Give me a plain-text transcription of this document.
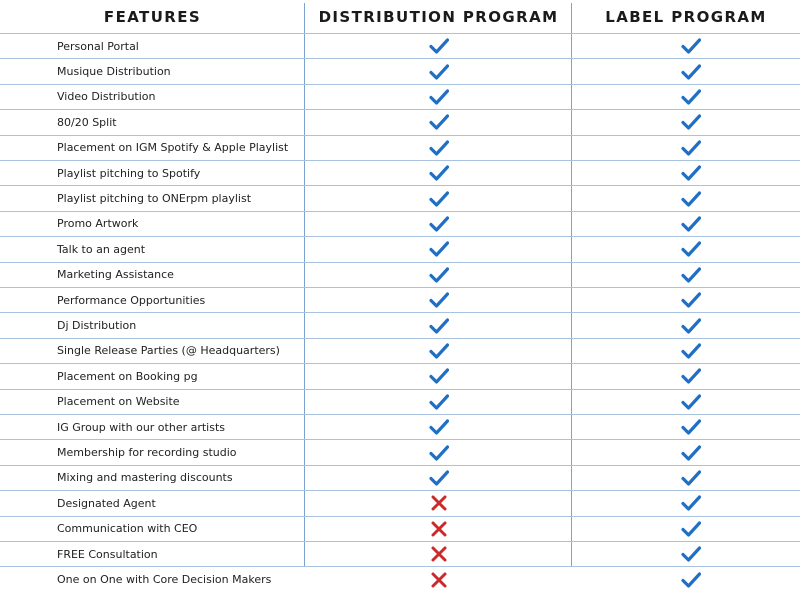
FEATURES	DISTRIBUTION PROGRAM	LABEL PROGRAM
Personal Portal
Musique Distribution
Video Distribution
80/20 Split
Placement on IGM Spotify & Apple Playlist
Playlist pitching to Spotify
Playlist pitching to ONErpm playlist
Promo Artwork
Talk to an agent
Marketing Assistance
Performance Opportunities
Dj Distribution
Single Release Parties (@ Headquarters)
Placement on Booking pg
Placement on Website
IG Group with our other artists
Membership for recording studio
Mixing and mastering discounts
Designated Agent
Communication with CEO
FREE Consultation
One on One with Core Decision Makers
